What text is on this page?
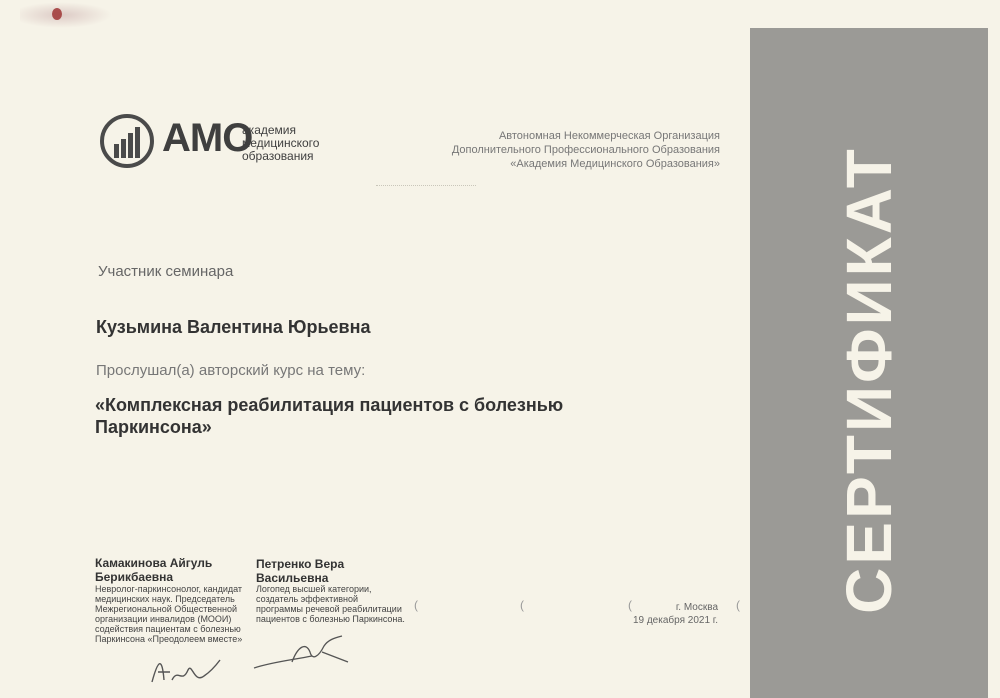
СЕРТИФИКАТ
АМО
академия
медицинского
образования
Автономная Некоммерческая Организация
Дополнительного Профессионального Образования
«Академия Медицинского Образования»
Участник семинара
Кузьмина Валентина Юрьевна
Прослушал(а) авторский курс на тему:
«Комплексная реабилитация пациентов с болезнью Паркинсона»
Камакинова Айгуль Берикбаевна
Невролог-паркинсонолог, кандидат медицинских наук. Председатель Межрегиональной Общественной организации инвалидов (МООИ) содействия пациентам с болезнью Паркинсона «Преодолеем вместе»
Петренко Вера Васильевна
Логопед высшей категории, создатель эффективной программы речевой реабилитации пациентов с болезнью Паркинсона.
(	(	(	(
г. Москва
19 декабря 2021 г.
